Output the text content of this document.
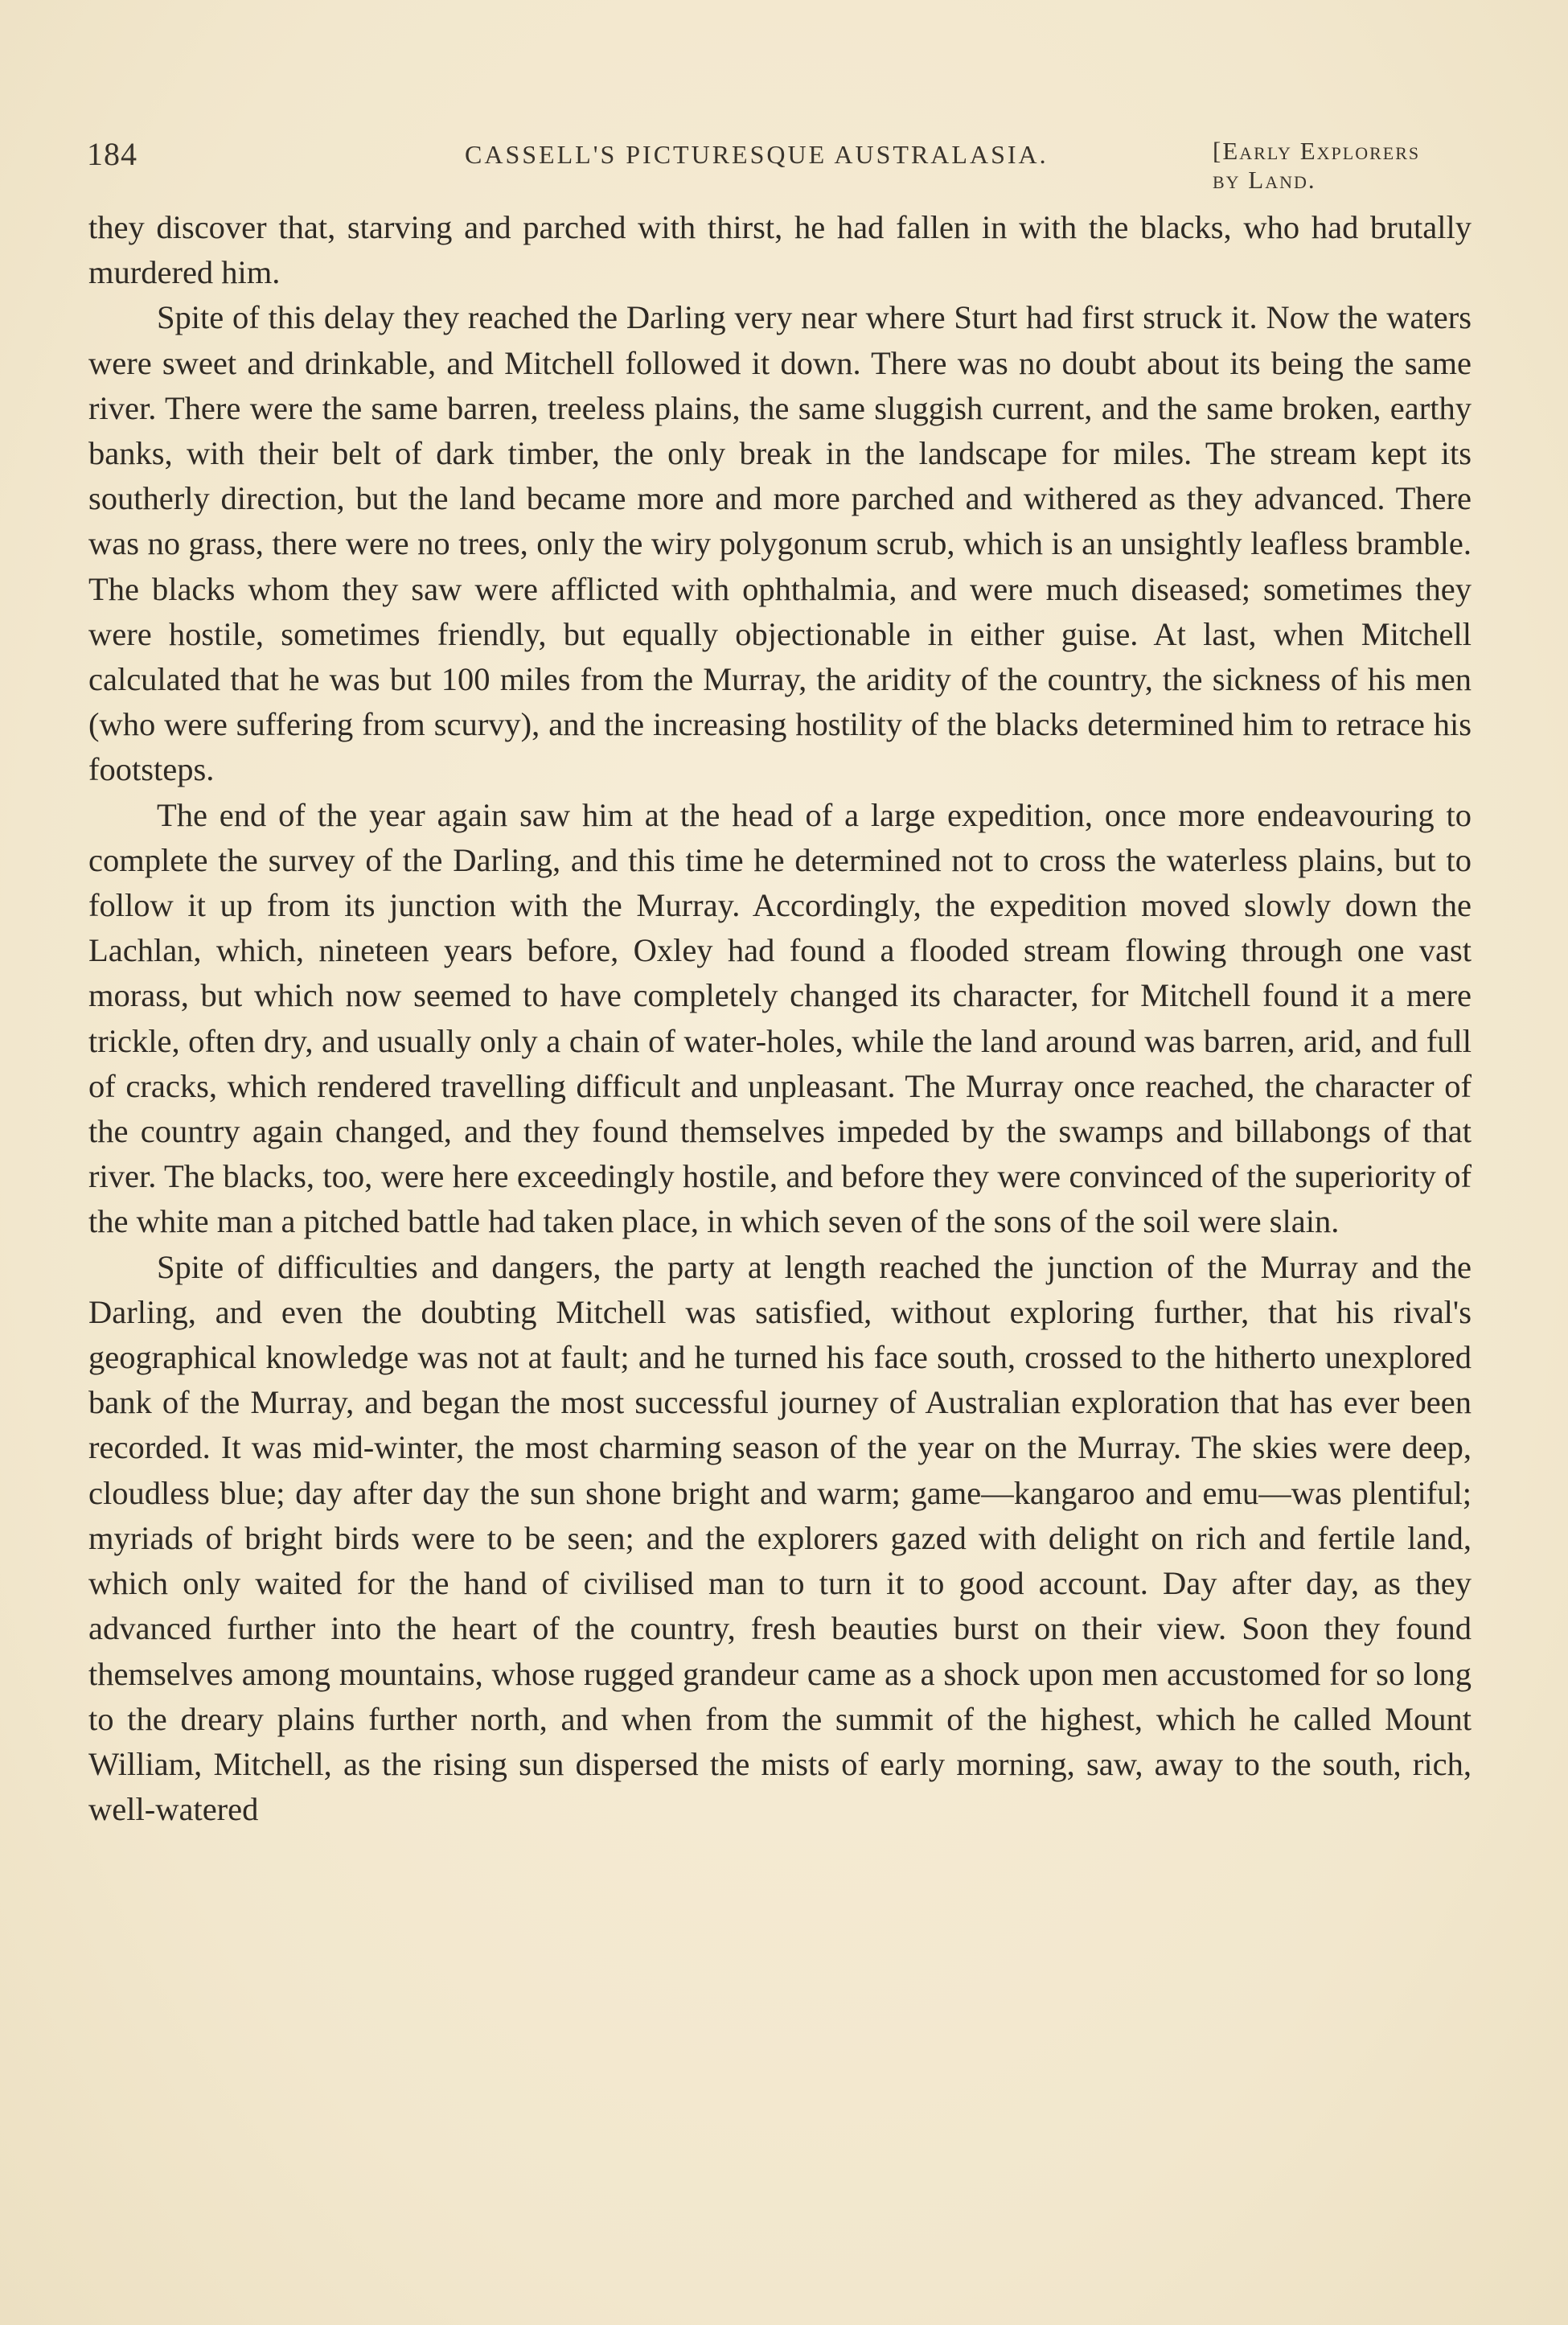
184	CASSELL'S PICTURESQUE AUSTRALASIA.	[Early Explorers by Land.

they discover that, starving and parched with thirst, he had fallen in with the blacks, who had brutally murdered him.

Spite of this delay they reached the Darling very near where Sturt had first struck it. Now the waters were sweet and drinkable, and Mitchell followed it down. There was no doubt about its being the same river. There were the same barren, treeless plains, the same sluggish current, and the same broken, earthy banks, with their belt of dark timber, the only break in the landscape for miles. The stream kept its southerly direction, but the land became more and more parched and withered as they advanced. There was no grass, there were no trees, only the wiry polygonum scrub, which is an unsightly leafless bramble. The blacks whom they saw were afflicted with ophthalmia, and were much diseased; sometimes they were hostile, sometimes friendly, but equally objectionable in either guise. At last, when Mitchell calculated that he was but 100 miles from the Murray, the aridity of the country, the sickness of his men (who were suffering from scurvy), and the increasing hostility of the blacks determined him to retrace his footsteps.

The end of the year again saw him at the head of a large expedition, once more endeavouring to complete the survey of the Darling, and this time he determined not to cross the waterless plains, but to follow it up from its junction with the Murray. Accordingly, the expedition moved slowly down the Lachlan, which, nineteen years before, Oxley had found a flooded stream flowing through one vast morass, but which now seemed to have completely changed its character, for Mitchell found it a mere trickle, often dry, and usually only a chain of water-holes, while the land around was barren, arid, and full of cracks, which rendered travelling difficult and unpleasant. The Murray once reached, the character of the country again changed, and they found themselves impeded by the swamps and billabongs of that river. The blacks, too, were here exceedingly hostile, and before they were convinced of the superiority of the white man a pitched battle had taken place, in which seven of the sons of the soil were slain.

Spite of difficulties and dangers, the party at length reached the junction of the Murray and the Darling, and even the doubting Mitchell was satisfied, without exploring further, that his rival's geographical knowledge was not at fault; and he turned his face south, crossed to the hitherto unexplored bank of the Murray, and began the most successful journey of Australian exploration that has ever been recorded. It was mid-winter, the most charming season of the year on the Murray. The skies were deep, cloudless blue; day after day the sun shone bright and warm; game—kangaroo and emu—was plentiful; myriads of bright birds were to be seen; and the explorers gazed with delight on rich and fertile land, which only waited for the hand of civilised man to turn it to good account. Day after day, as they advanced further into the heart of the country, fresh beauties burst on their view. Soon they found themselves among mountains, whose rugged grandeur came as a shock upon men accustomed for so long to the dreary plains further north, and when from the summit of the highest, which he called Mount William, Mitchell, as the rising sun dispersed the mists of early morning, saw, away to the south, rich, well-watered
